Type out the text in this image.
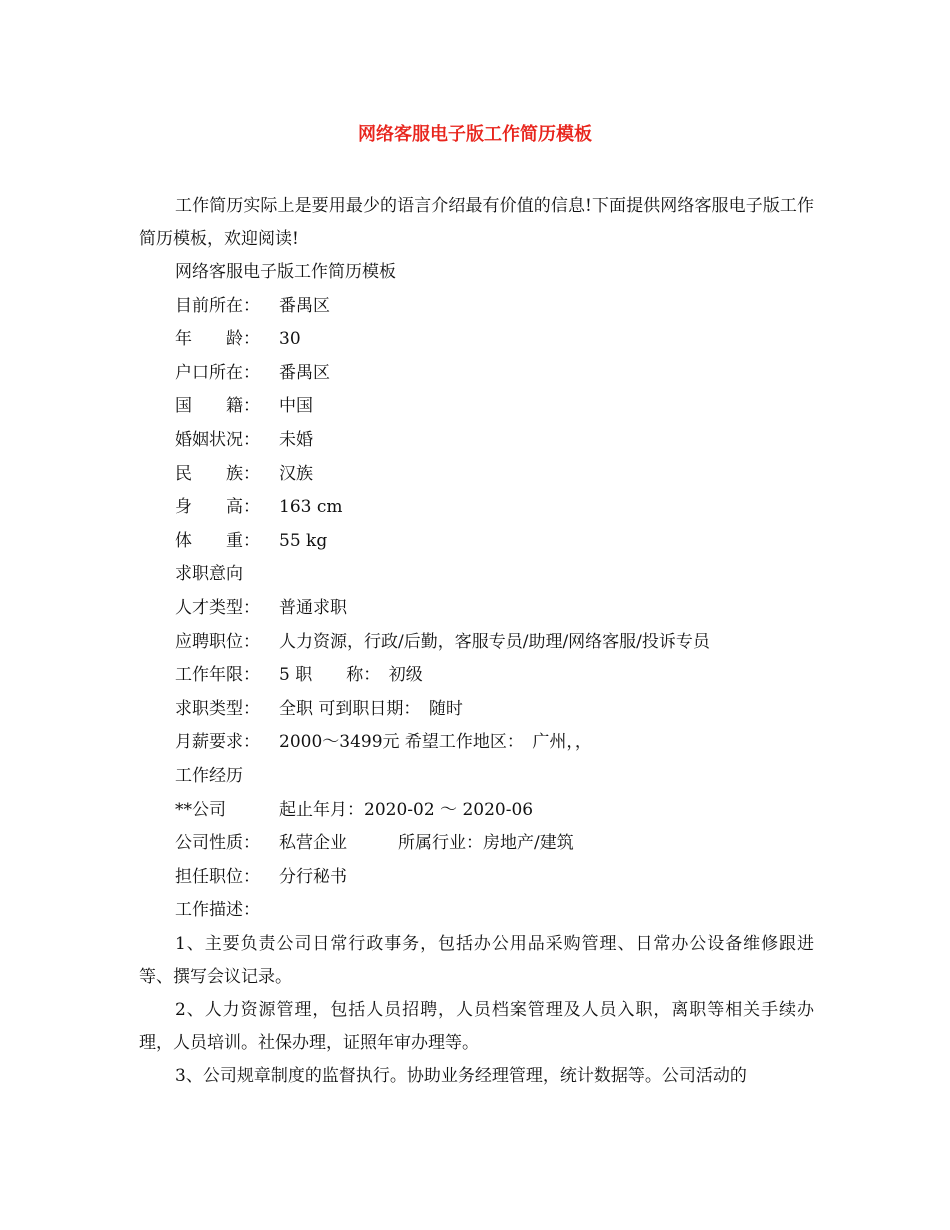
网络客服电子版工作简历模板

工作简历实际上是要用最少的语言介绍最有价值的信息!下面提供网络客服电子版工作简历模板，欢迎阅读!

网络客服电子版工作简历模板

目前所在： 番禺区

年　　龄： 30

户口所在： 番禺区

国　　籍： 中国

婚姻状况： 未婚

民　　族： 汉族

身　　高： 163 cm

体　　重： 55 kg

求职意向

人才类型： 普通求职

应聘职位： 人力资源，行政/后勤，客服专员/助理/网络客服/投诉专员

工作年限： 5 职　　称：　初级

求职类型： 全职 可到职日期：　随时

月薪要求： 2000～3499元 希望工作地区：　广州，，

工作经历

**公司	起止年月：2020-02 ～ 2020-06

公司性质： 私营企业　　　所属行业：房地产/建筑

担任职位： 分行秘书

工作描述：

1、主要负责公司日常行政事务，包括办公用品采购管理、日常办公设备维修跟进等、撰写会议记录。

2、人力资源管理，包括人员招聘，人员档案管理及人员入职，离职等相关手续办理，人员培训。社保办理，证照年审办理等。

3、公司规章制度的监督执行。协助业务经理管理，统计数据等。公司活动的
